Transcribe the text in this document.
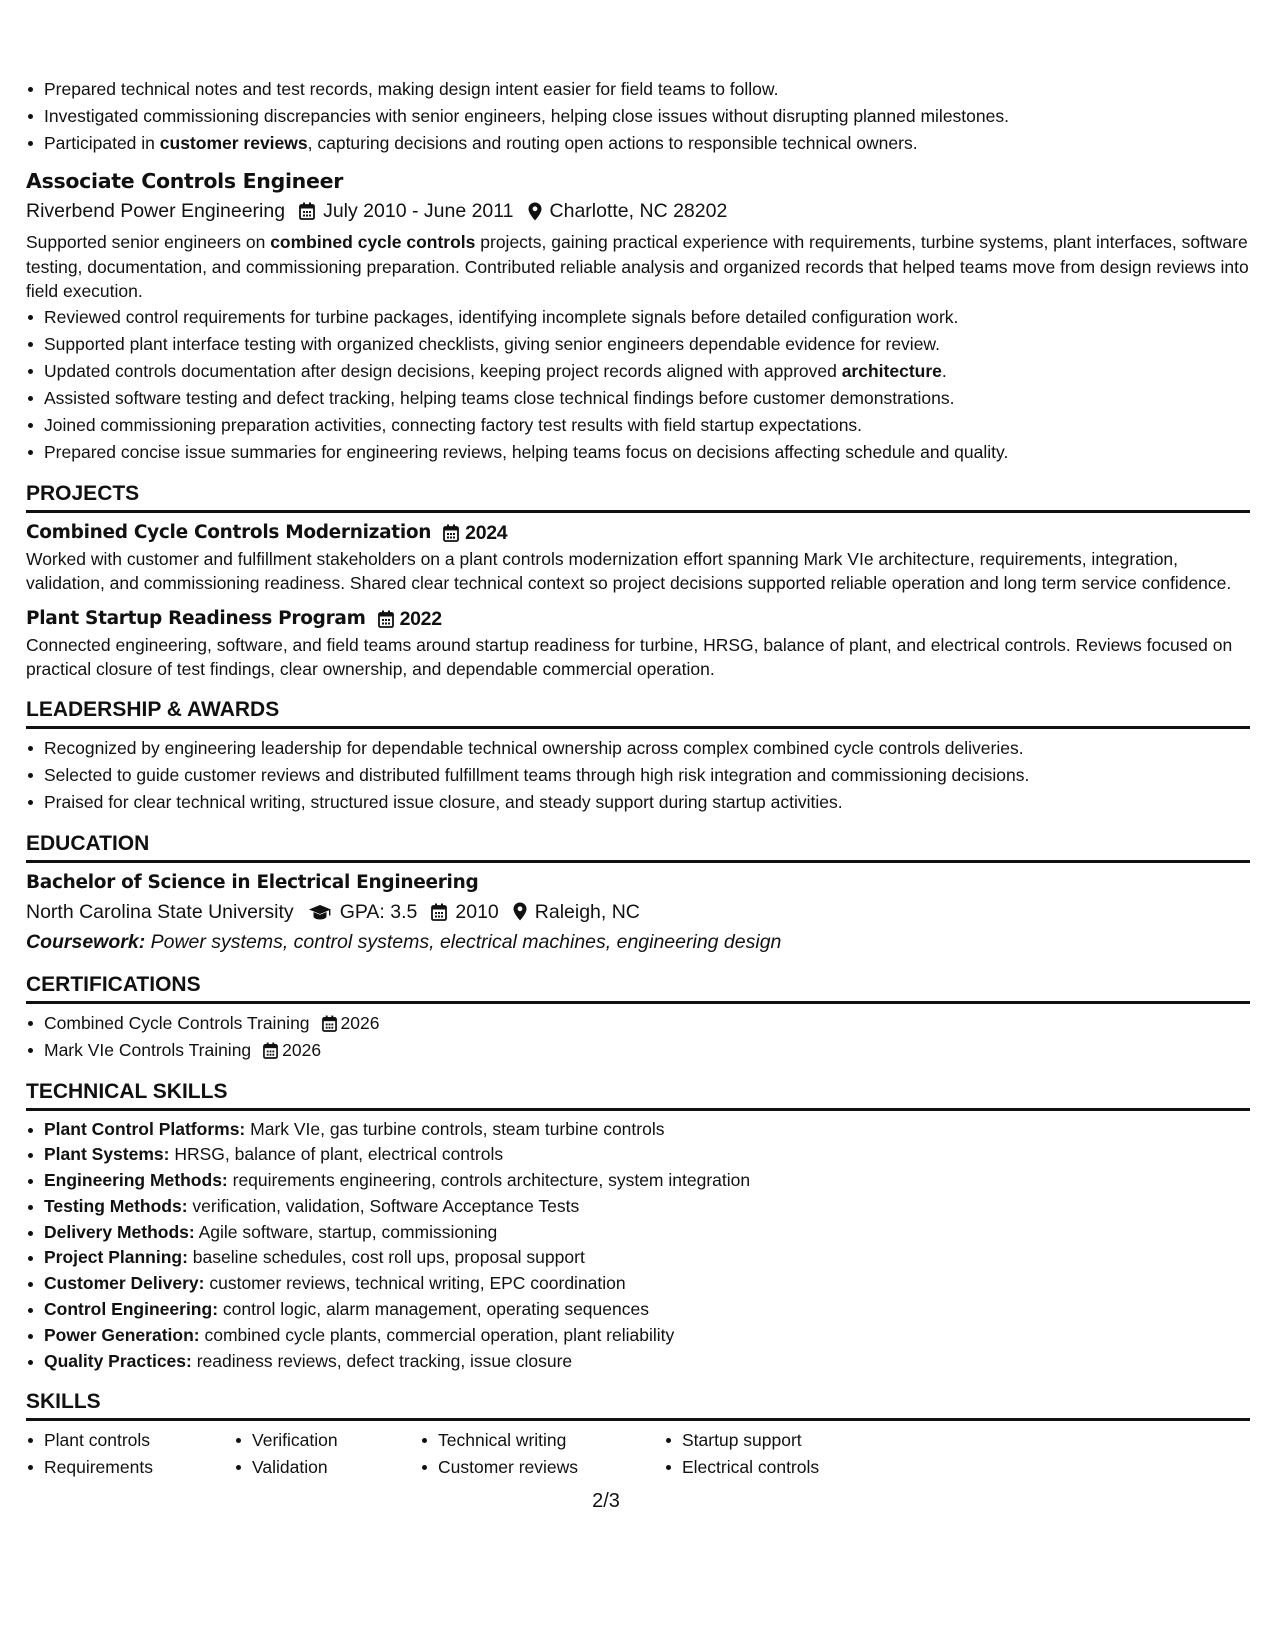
Prepared technical notes and test records, making design intent easier for field teams to follow.
Investigated commissioning discrepancies with senior engineers, helping close issues without disrupting planned milestones.
Participated in customer reviews, capturing decisions and routing open actions to responsible technical owners.
Associate Controls Engineer
Riverbend Power Engineering July 2010 - June 2011 Charlotte, NC 28202
Supported senior engineers on combined cycle controls projects, gaining practical experience with requirements, turbine systems, plant interfaces, software testing, documentation, and commissioning preparation. Contributed reliable analysis and organized records that helped teams move from design reviews into field execution.
Reviewed control requirements for turbine packages, identifying incomplete signals before detailed configuration work.
Supported plant interface testing with organized checklists, giving senior engineers dependable evidence for review.
Updated controls documentation after design decisions, keeping project records aligned with approved architecture.
Assisted software testing and defect tracking, helping teams close technical findings before customer demonstrations.
Joined commissioning preparation activities, connecting factory test results with field startup expectations.
Prepared concise issue summaries for engineering reviews, helping teams focus on decisions affecting schedule and quality.
PROJECTS
Combined Cycle Controls Modernization 2024
Worked with customer and fulfillment stakeholders on a plant controls modernization effort spanning Mark VIe architecture, requirements, integration, validation, and commissioning readiness. Shared clear technical context so project decisions supported reliable operation and long term service confidence.
Plant Startup Readiness Program 2022
Connected engineering, software, and field teams around startup readiness for turbine, HRSG, balance of plant, and electrical controls. Reviews focused on practical closure of test findings, clear ownership, and dependable commercial operation.
LEADERSHIP & AWARDS
Recognized by engineering leadership for dependable technical ownership across complex combined cycle controls deliveries.
Selected to guide customer reviews and distributed fulfillment teams through high risk integration and commissioning decisions.
Praised for clear technical writing, structured issue closure, and steady support during startup activities.
EDUCATION
Bachelor of Science in Electrical Engineering
North Carolina State University GPA: 3.5 2010 Raleigh, NC
Coursework: Power systems, control systems, electrical machines, engineering design
CERTIFICATIONS
Combined Cycle Controls Training 2026
Mark VIe Controls Training 2026
TECHNICAL SKILLS
Plant Control Platforms: Mark VIe, gas turbine controls, steam turbine controls
Plant Systems: HRSG, balance of plant, electrical controls
Engineering Methods: requirements engineering, controls architecture, system integration
Testing Methods: verification, validation, Software Acceptance Tests
Delivery Methods: Agile software, startup, commissioning
Project Planning: baseline schedules, cost roll ups, proposal support
Customer Delivery: customer reviews, technical writing, EPC coordination
Control Engineering: control logic, alarm management, operating sequences
Power Generation: combined cycle plants, commercial operation, plant reliability
Quality Practices: readiness reviews, defect tracking, issue closure
SKILLS
Plant controls
Requirements
Verification
Validation
Technical writing
Customer reviews
Startup support
Electrical controls
2/3
